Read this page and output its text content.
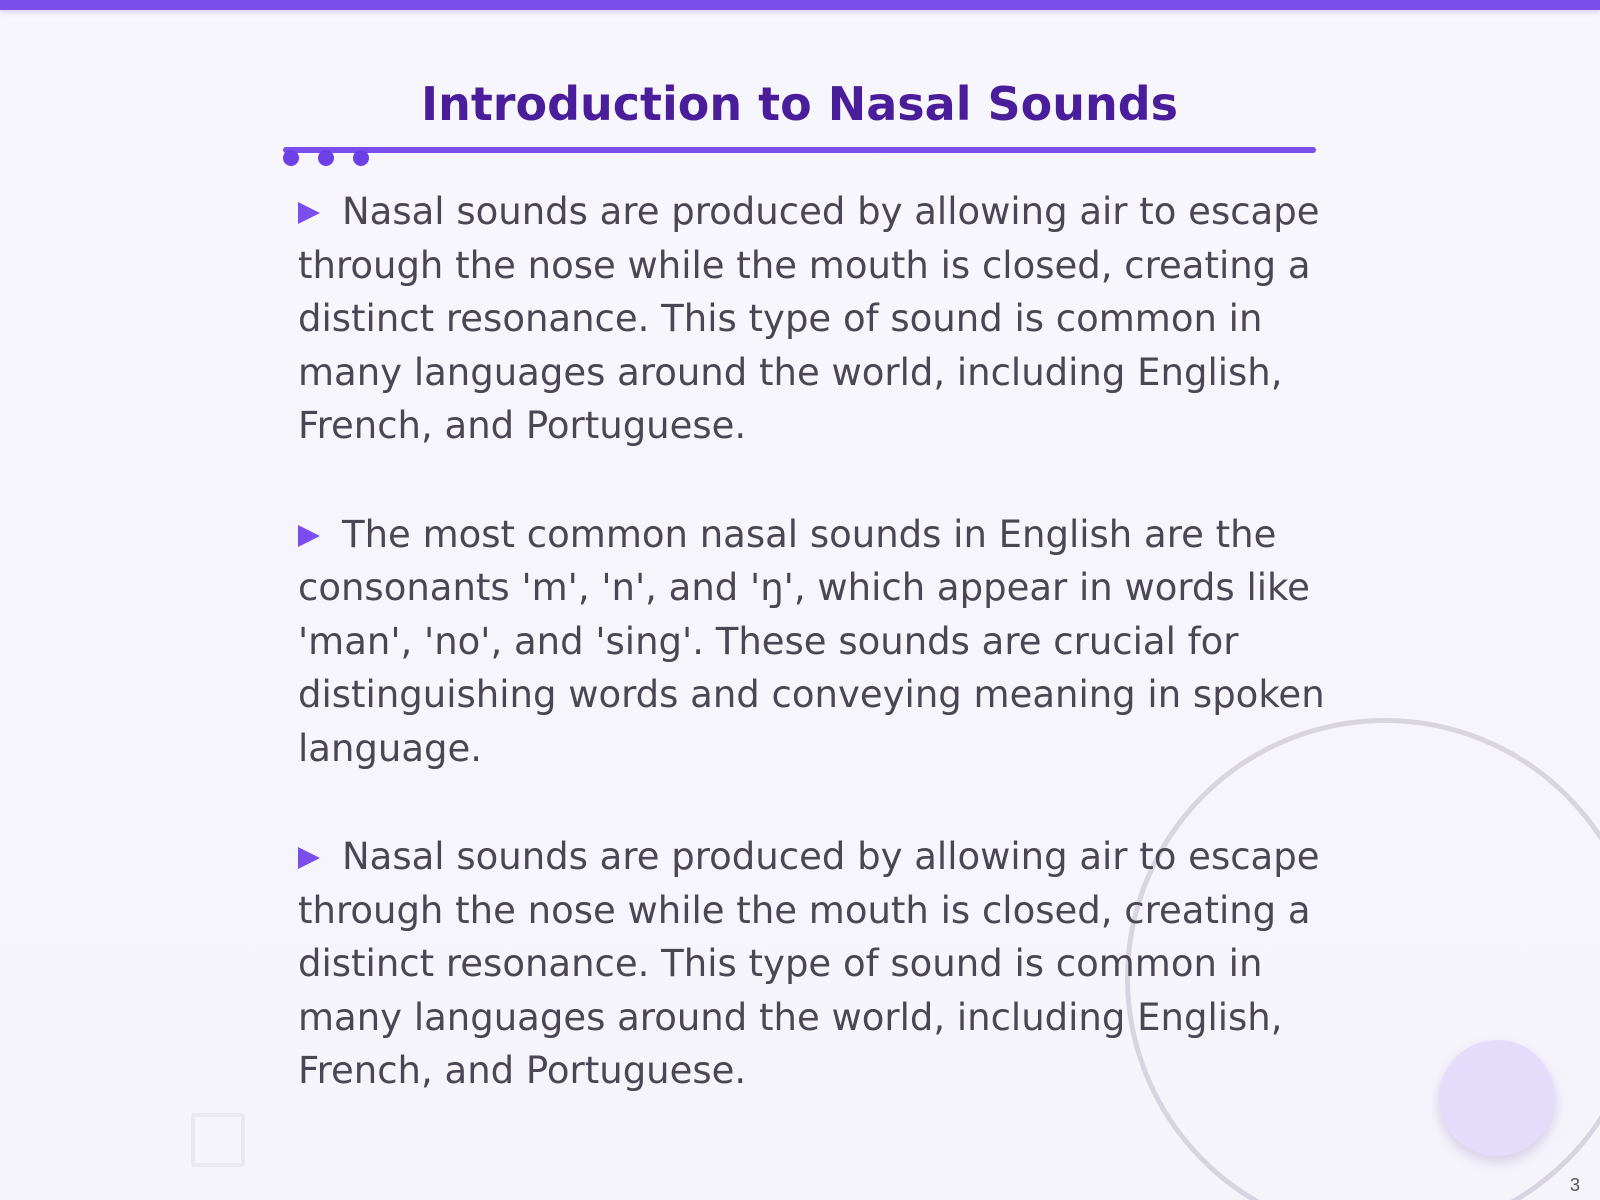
Introduction to Nasal Sounds
Nasal sounds are produced by allowing air to escape
through the nose while the mouth is closed, creating a
distinct resonance. This type of sound is common in
many languages around the world, including English,
French, and Portuguese.
The most common nasal sounds in English are the
consonants 'm', 'n', and 'ŋ', which appear in words like
'man', 'no', and 'sing'. These sounds are crucial for
distinguishing words and conveying meaning in spoken
language.
Nasal sounds are produced by allowing air to escape
through the nose while the mouth is closed, creating a
distinct resonance. This type of sound is common in
many languages around the world, including English,
French, and Portuguese.
3
